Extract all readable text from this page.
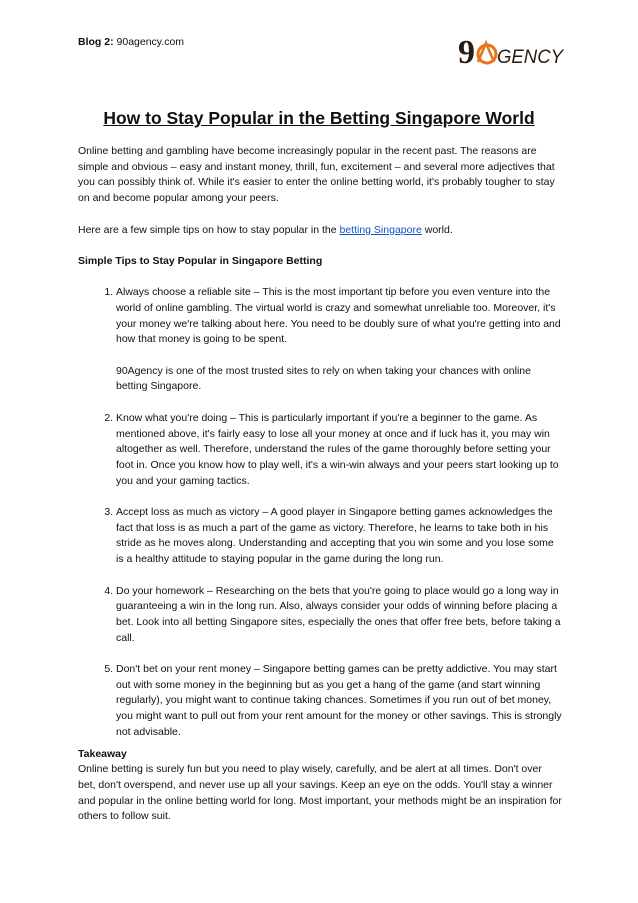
Blog 2: 90agency.com	9 GENCY
How to Stay Popular in the Betting Singapore World

Online betting and gambling have become increasingly popular in the recent past. The reasons are simple and obvious – easy and instant money, thrill, fun, excitement – and several more adjectives that you can possibly think of. While it's easier to enter the online betting world, it's probably tougher to stay on and become popular among your peers.

Here are a few simple tips on how to stay popular in the betting Singapore world.

Simple Tips to Stay Popular in Singapore Betting

1. Always choose a reliable site – This is the most important tip before you even venture into the world of online gambling. The virtual world is crazy and somewhat unreliable too. Moreover, it's your money we're talking about here. You need to be doubly sure of what you're getting into and how that money is going to be spent.
90Agency is one of the most trusted sites to rely on when taking your chances with online betting Singapore.
2. Know what you're doing – This is particularly important if you're a beginner to the game. As mentioned above, it's fairly easy to lose all your money at once and if luck has it, you may win altogether as well. Therefore, understand the rules of the game thoroughly before setting your foot in. Once you know how to play well, it's a win-win always and your peers start looking up to you and your gaming tactics.
3. Accept loss as much as victory – A good player in Singapore betting games acknowledges the fact that loss is as much a part of the game as victory. Therefore, he learns to take both in his stride as he moves along. Understanding and accepting that you win some and you lose some is a healthy attitude to staying popular in the game during the long run.
4. Do your homework – Researching on the bets that you're going to place would go a long way in guaranteeing a win in the long run. Also, always consider your odds of winning before placing a bet. Look into all betting Singapore sites, especially the ones that offer free bets, before taking a call.
5. Don't bet on your rent money – Singapore betting games can be pretty addictive. You may start out with some money in the beginning but as you get a hang of the game (and start winning regularly), you might want to continue taking chances. Sometimes if you run out of bet money, you might want to pull out from your rent amount for the money or other savings. This is strongly not advisable.

Takeaway

Online betting is surely fun but you need to play wisely, carefully, and be alert at all times. Don't over bet, don't overspend, and never use up all your savings. Keep an eye on the odds. You'll stay a winner and popular in the online betting world for long. Most important, your methods might be an inspiration for others to follow suit.
